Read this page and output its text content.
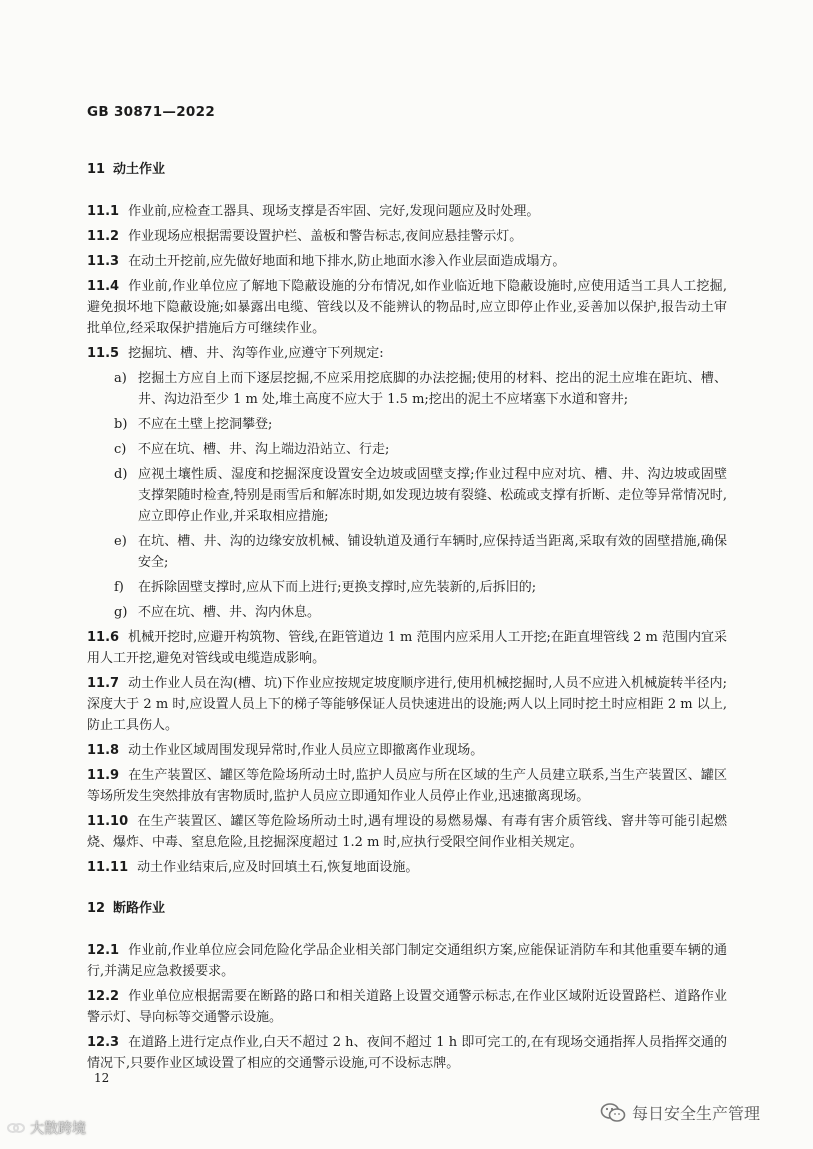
GB 30871—2022
11 动土作业
11.1 作业前,应检查工器具、现场支撑是否牢固、完好,发现问题应及时处理。
11.2 作业现场应根据需要设置护栏、盖板和警告标志,夜间应悬挂警示灯。
11.3 在动土开挖前,应先做好地面和地下排水,防止地面水渗入作业层面造成塌方。
11.4 作业前,作业单位应了解地下隐蔽设施的分布情况,如作业临近地下隐蔽设施时,应使用适当工具人工挖掘,避免损坏地下隐蔽设施;如暴露出电缆、管线以及不能辨认的物品时,应立即停止作业,妥善加以保护,报告动土审批单位,经采取保护措施后方可继续作业。
11.5 挖掘坑、槽、井、沟等作业,应遵守下列规定:
a) 挖掘土方应自上而下逐层挖掘,不应采用挖底脚的办法挖掘;使用的材料、挖出的泥土应堆在距坑、槽、井、沟边沿至少 1 m 处,堆土高度不应大于 1.5 m;挖出的泥土不应堵塞下水道和窨井;
b) 不应在土壁上挖洞攀登;
c) 不应在坑、槽、井、沟上端边沿站立、行走;
d) 应视土壤性质、湿度和挖掘深度设置安全边坡或固壁支撑;作业过程中应对坑、槽、井、沟边坡或固壁支撑架随时检查,特别是雨雪后和解冻时期,如发现边坡有裂缝、松疏或支撑有折断、走位等异常情况时,应立即停止作业,并采取相应措施;
e) 在坑、槽、井、沟的边缘安放机械、铺设轨道及通行车辆时,应保持适当距离,采取有效的固壁措施,确保安全;
f) 在拆除固壁支撑时,应从下而上进行;更换支撑时,应先装新的,后拆旧的;
g) 不应在坑、槽、井、沟内休息。
11.6 机械开挖时,应避开构筑物、管线,在距管道边 1 m 范围内应采用人工开挖;在距直埋管线 2 m 范围内宜采用人工开挖,避免对管线或电缆造成影响。
11.7 动土作业人员在沟(槽、坑)下作业应按规定坡度顺序进行,使用机械挖掘时,人员不应进入机械旋转半径内;深度大于 2 m 时,应设置人员上下的梯子等能够保证人员快速进出的设施;两人以上同时挖土时应相距 2 m 以上,防止工具伤人。
11.8 动土作业区域周围发现异常时,作业人员应立即撤离作业现场。
11.9 在生产装置区、罐区等危险场所动土时,监护人员应与所在区域的生产人员建立联系,当生产装置区、罐区等场所发生突然排放有害物质时,监护人员应立即通知作业人员停止作业,迅速撤离现场。
11.10 在生产装置区、罐区等危险场所动土时,遇有埋设的易燃易爆、有毒有害介质管线、窨井等可能引起燃烧、爆炸、中毒、窒息危险,且挖掘深度超过 1.2 m 时,应执行受限空间作业相关规定。
11.11 动土作业结束后,应及时回填土石,恢复地面设施。
12 断路作业
12.1 作业前,作业单位应会同危险化学品企业相关部门制定交通组织方案,应能保证消防车和其他重要车辆的通行,并满足应急救援要求。
12.2 作业单位应根据需要在断路的路口和相关道路上设置交通警示标志,在作业区域附近设置路栏、道路作业警示灯、导向标等交通警示设施。
12.3 在道路上进行定点作业,白天不超过 2 h、夜间不超过 1 h 即可完工的,在有现场交通指挥人员指挥交通的情况下,只要作业区域设置了相应的交通警示设施,可不设标志牌。
12
大散跨境
每日安全生产管理
